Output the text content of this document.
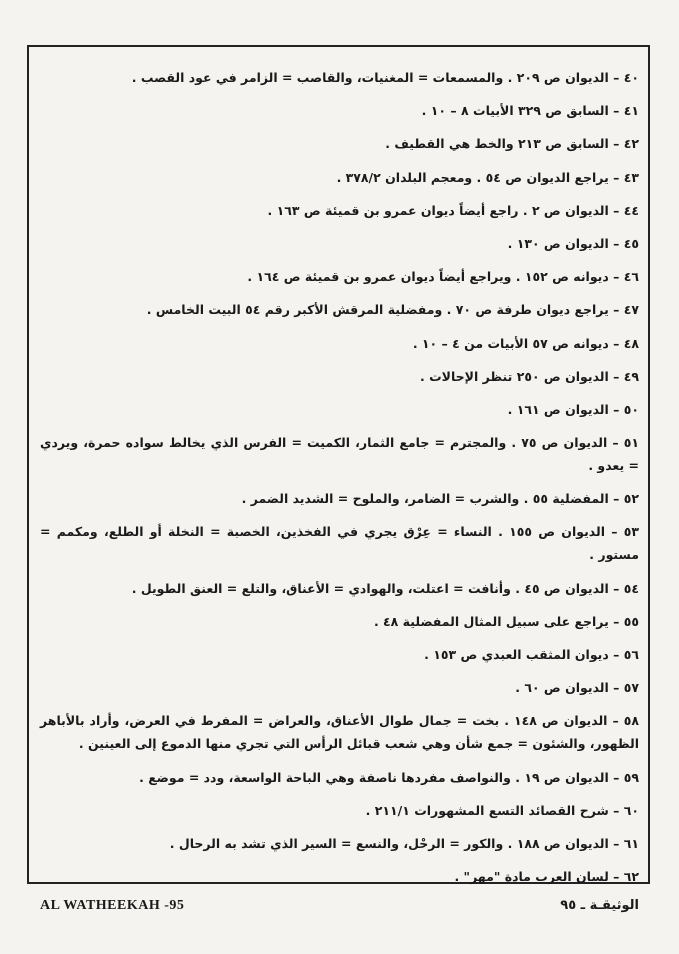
٤٠ – الديوان ص ٢٠٩ . والمسمعات = المغنيات، والقاصب = الزامر في عود القصب .
٤١ – السابق ص ٣٢٩ الأبيات ٨ – ١٠ .
٤٢ – السابق ص ٢١٣ والخط هي القطيف .
٤٣ – يراجع الديوان ص ٥٤ . ومعجم البلدان ٣٧٨/٢ .
٤٤ – الديوان ص ٢ . راجع أيضاً ديوان عمرو بن قميئة ص ١٦٣ .
٤٥ – الديوان ص ١٣٠ .
٤٦ – ديوانه ص ١٥٢ . ويراجع أيضاً ديوان عمرو بن قميئة ص ١٦٤ .
٤٧ – يراجع ديوان طرفة ص ٧٠ . ومفضلية المرقش الأكبر رقم ٥٤ البيت الخامس .
٤٨ – ديوانه ص ٥٧ الأبيات من ٤ – ١٠ .
٤٩ – الديوان ص ٢٥٠ تنظر الإحالات .
٥٠ – الديوان ص ١٦١ .
٥١ – الديوان ص ٧٥ . والمجترم = جامع الثمار، الكميت = الفرس الذي يخالط سواده حمرة، ويردي = يعدو .
٥٢ – المفضلية ٥٥ . والشرب = الضامر، والملوح = الشديد الضمر .
٥٣ – الديوان ص ١٥٥ . النساء = عِرْق يجري في الفخذين، الخصبة = النخلة أو الطلع، ومكمم = مستور .
٥٤ – الديوان ص ٤٥ . وأنافت = اعتلت، والهوادي = الأعناق، والتلع = العنق الطويل .
٥٥ – يراجع على سبيل المثال المفضلية ٤٨ .
٥٦ – ديوان المثقب العبدي ص ١٥٣ .
٥٧ – الديوان ص ٦٠ .
٥٨ – الديوان ص ١٤٨ . بخت = جمال طوال الأعناق، والعراض = المفرط في العرض، وأراد بالأباهر الظهور، والشئون = جمع شأن وهي شعب قبائل الرأس التي تجري منها الدموع إلى العينين .
٥٩ – الديوان ص ١٩ . والنواصف مفردها ناصفة وهي الباحة الواسعة، ودد = موضع .
٦٠ – شرح القصائد التسع المشهورات ٢١١/١ .
٦١ – الديوان ص ١٨٨ . والكور = الرحْل، والنسع = السير الذي تشد به الرحال .
٦٢ – لسان العرب مادة "مهر" .
AL WATHEEKAH -95	الوثيقـة ـ ٩٥
